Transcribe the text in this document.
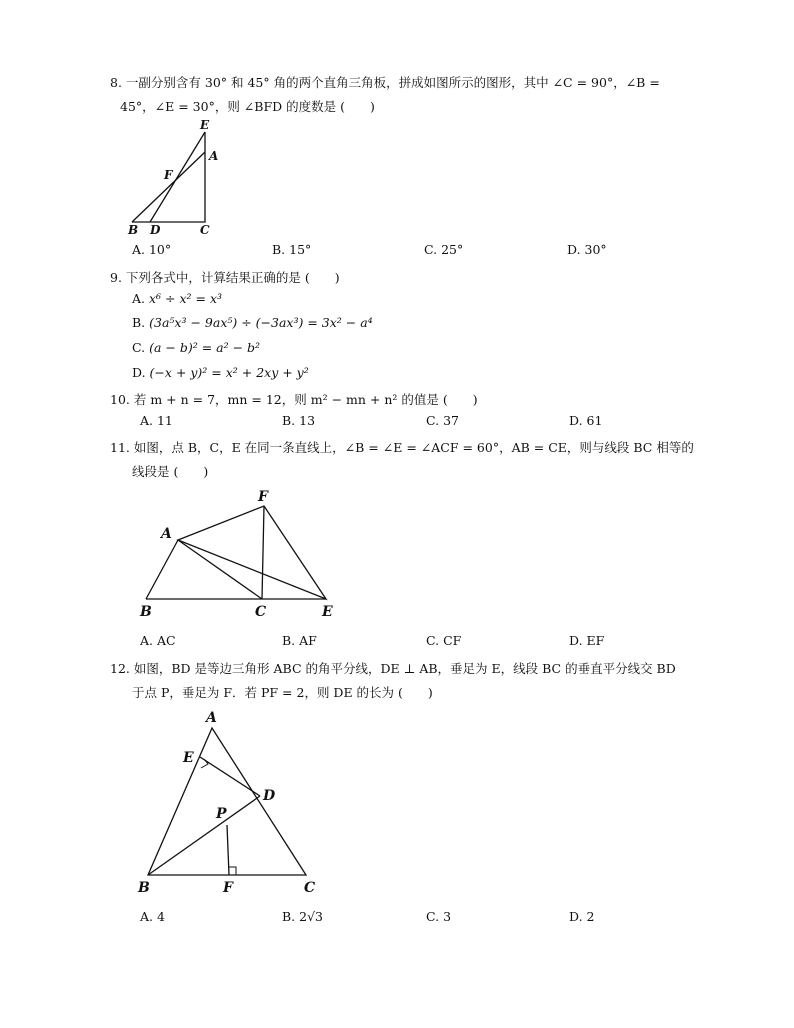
8. 一副分别含有 30° 和 45° 角的两个直角三角板，拼成如图所示的图形，其中 ∠C = 90°，∠B =
45°，∠E = 30°，则 ∠BFD 的度数是 (　　)
E
A
F
B D	C
A. 10°	B. 15°	C. 25°	D. 30°
9. 下列各式中，计算结果正确的是 (　　)
A. x⁶ ÷ x² = x³
B. (3a⁵x³ − 9ax⁵) ÷ (−3ax³) = 3x² − a⁴
C. (a − b)² = a² − b²
D. (−x + y)² = x² + 2xy + y²
10. 若 m + n = 7，mn = 12，则 m² − mn + n² 的值是 (　　)
A. 11	B. 13	C. 37	D. 61
11. 如图，点 B，C，E 在同一条直线上，∠B = ∠E = ∠ACF = 60°，AB = CE，则与线段 BC 相等的
线段是 (　　)
F
A
B	C	E
A. AC	B. AF	C. CF	D. EF
12. 如图，BD 是等边三角形 ABC 的角平分线，DE ⊥ AB，垂足为 E，线段 BC 的垂直平分线交 BD
于点 P，垂足为 F．若 PF = 2，则 DE 的长为 (　　)
A
E
D
P
B	F	C
A. 4	B. 2√3	C. 3	D. 2
